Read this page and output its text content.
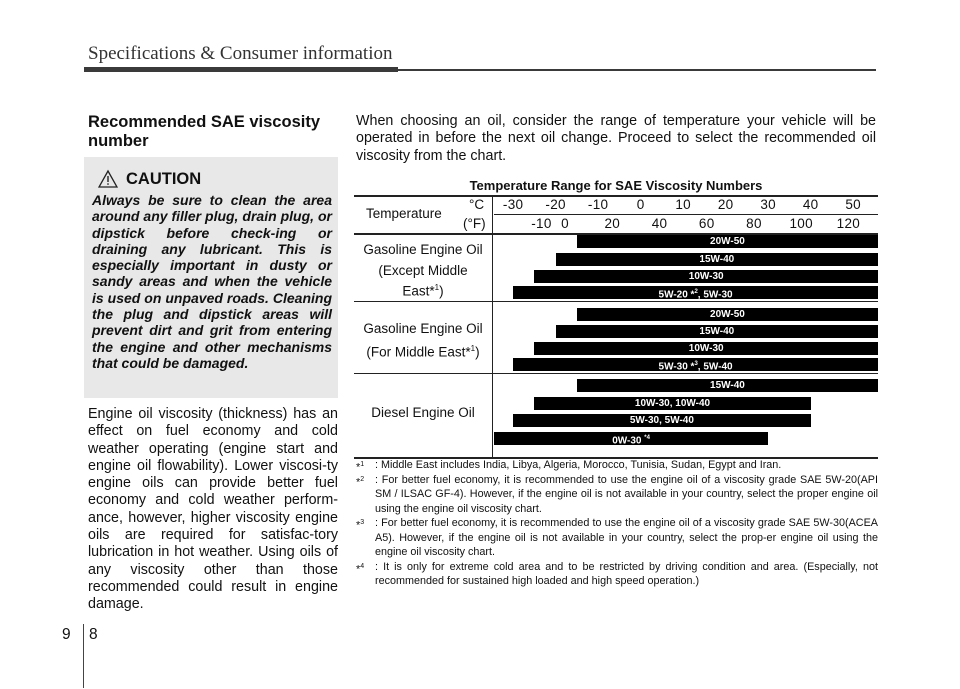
Specifications & Consumer information
Recommended SAE viscosity number
CAUTION
Always be sure to clean the area around any filler plug, drain plug, or dipstick before check-ing or draining any lubricant. This is especially important in dusty or sandy areas and when the vehicle is used on unpaved roads. Cleaning the plug and dipstick areas will prevent dirt and grit from entering the engine and other mechanisms that could be damaged.
Engine oil viscosity (thickness) has an effect on fuel economy and cold weather operating (engine start and engine oil flowability). Lower viscosi-ty engine oils can provide better fuel economy and cold weather perform-ance, however, higher viscosity engine oils are required for satisfac-tory lubrication in hot weather. Using oils of any viscosity other than those recommended could result in engine damage.
When choosing an oil, consider the range of temperature your vehicle will be operated in before the next oil change. Proceed to select the recommended oil viscosity from the chart.
Temperature Range for SAE Viscosity Numbers
Temperature
°C
(°F)
-30 -20 -10 0 10 20 30 40 50
-10 0	20 40 60 80 100 120
Gasoline Engine Oil
(Except Middle
East*$^1$)
Gasoline Engine Oil
(For Middle East*$^1$)
Diesel Engine Oil
20W-50
15W-40
10W-30
5W-20 *$^2$, 5W-30
20W-50
15W-40
10W-30
5W-30 *$^3$, 5W-40
15W-40
10W-30, 10W-40
5W-30, 5W-40
0W-30 $^{*4}$
*$^1$ : Middle East includes India, Libya, Algeria, Morocco, Tunisia, Sudan, Egypt and Iran.
*$^2$ : For better fuel economy, it is recommended to use the engine oil of a viscosity grade SAE 5W-20(API SM / ILSAC GF-4). However, if the engine oil is not available in your country, select the proper engine oil using the engine oil viscosity chart.
*$^3$ : For better fuel economy, it is recommended to use the engine oil of a viscosity grade SAE 5W-30(ACEA A5). However, if the engine oil is not available in your country, select the prop-er engine oil using the engine oil viscosity chart.
*$^4$ : It is only for extreme cold area and to be restricted by driving condition and area. (Especially, not recommended for sustained high loaded and high speed operation.)
9 8
